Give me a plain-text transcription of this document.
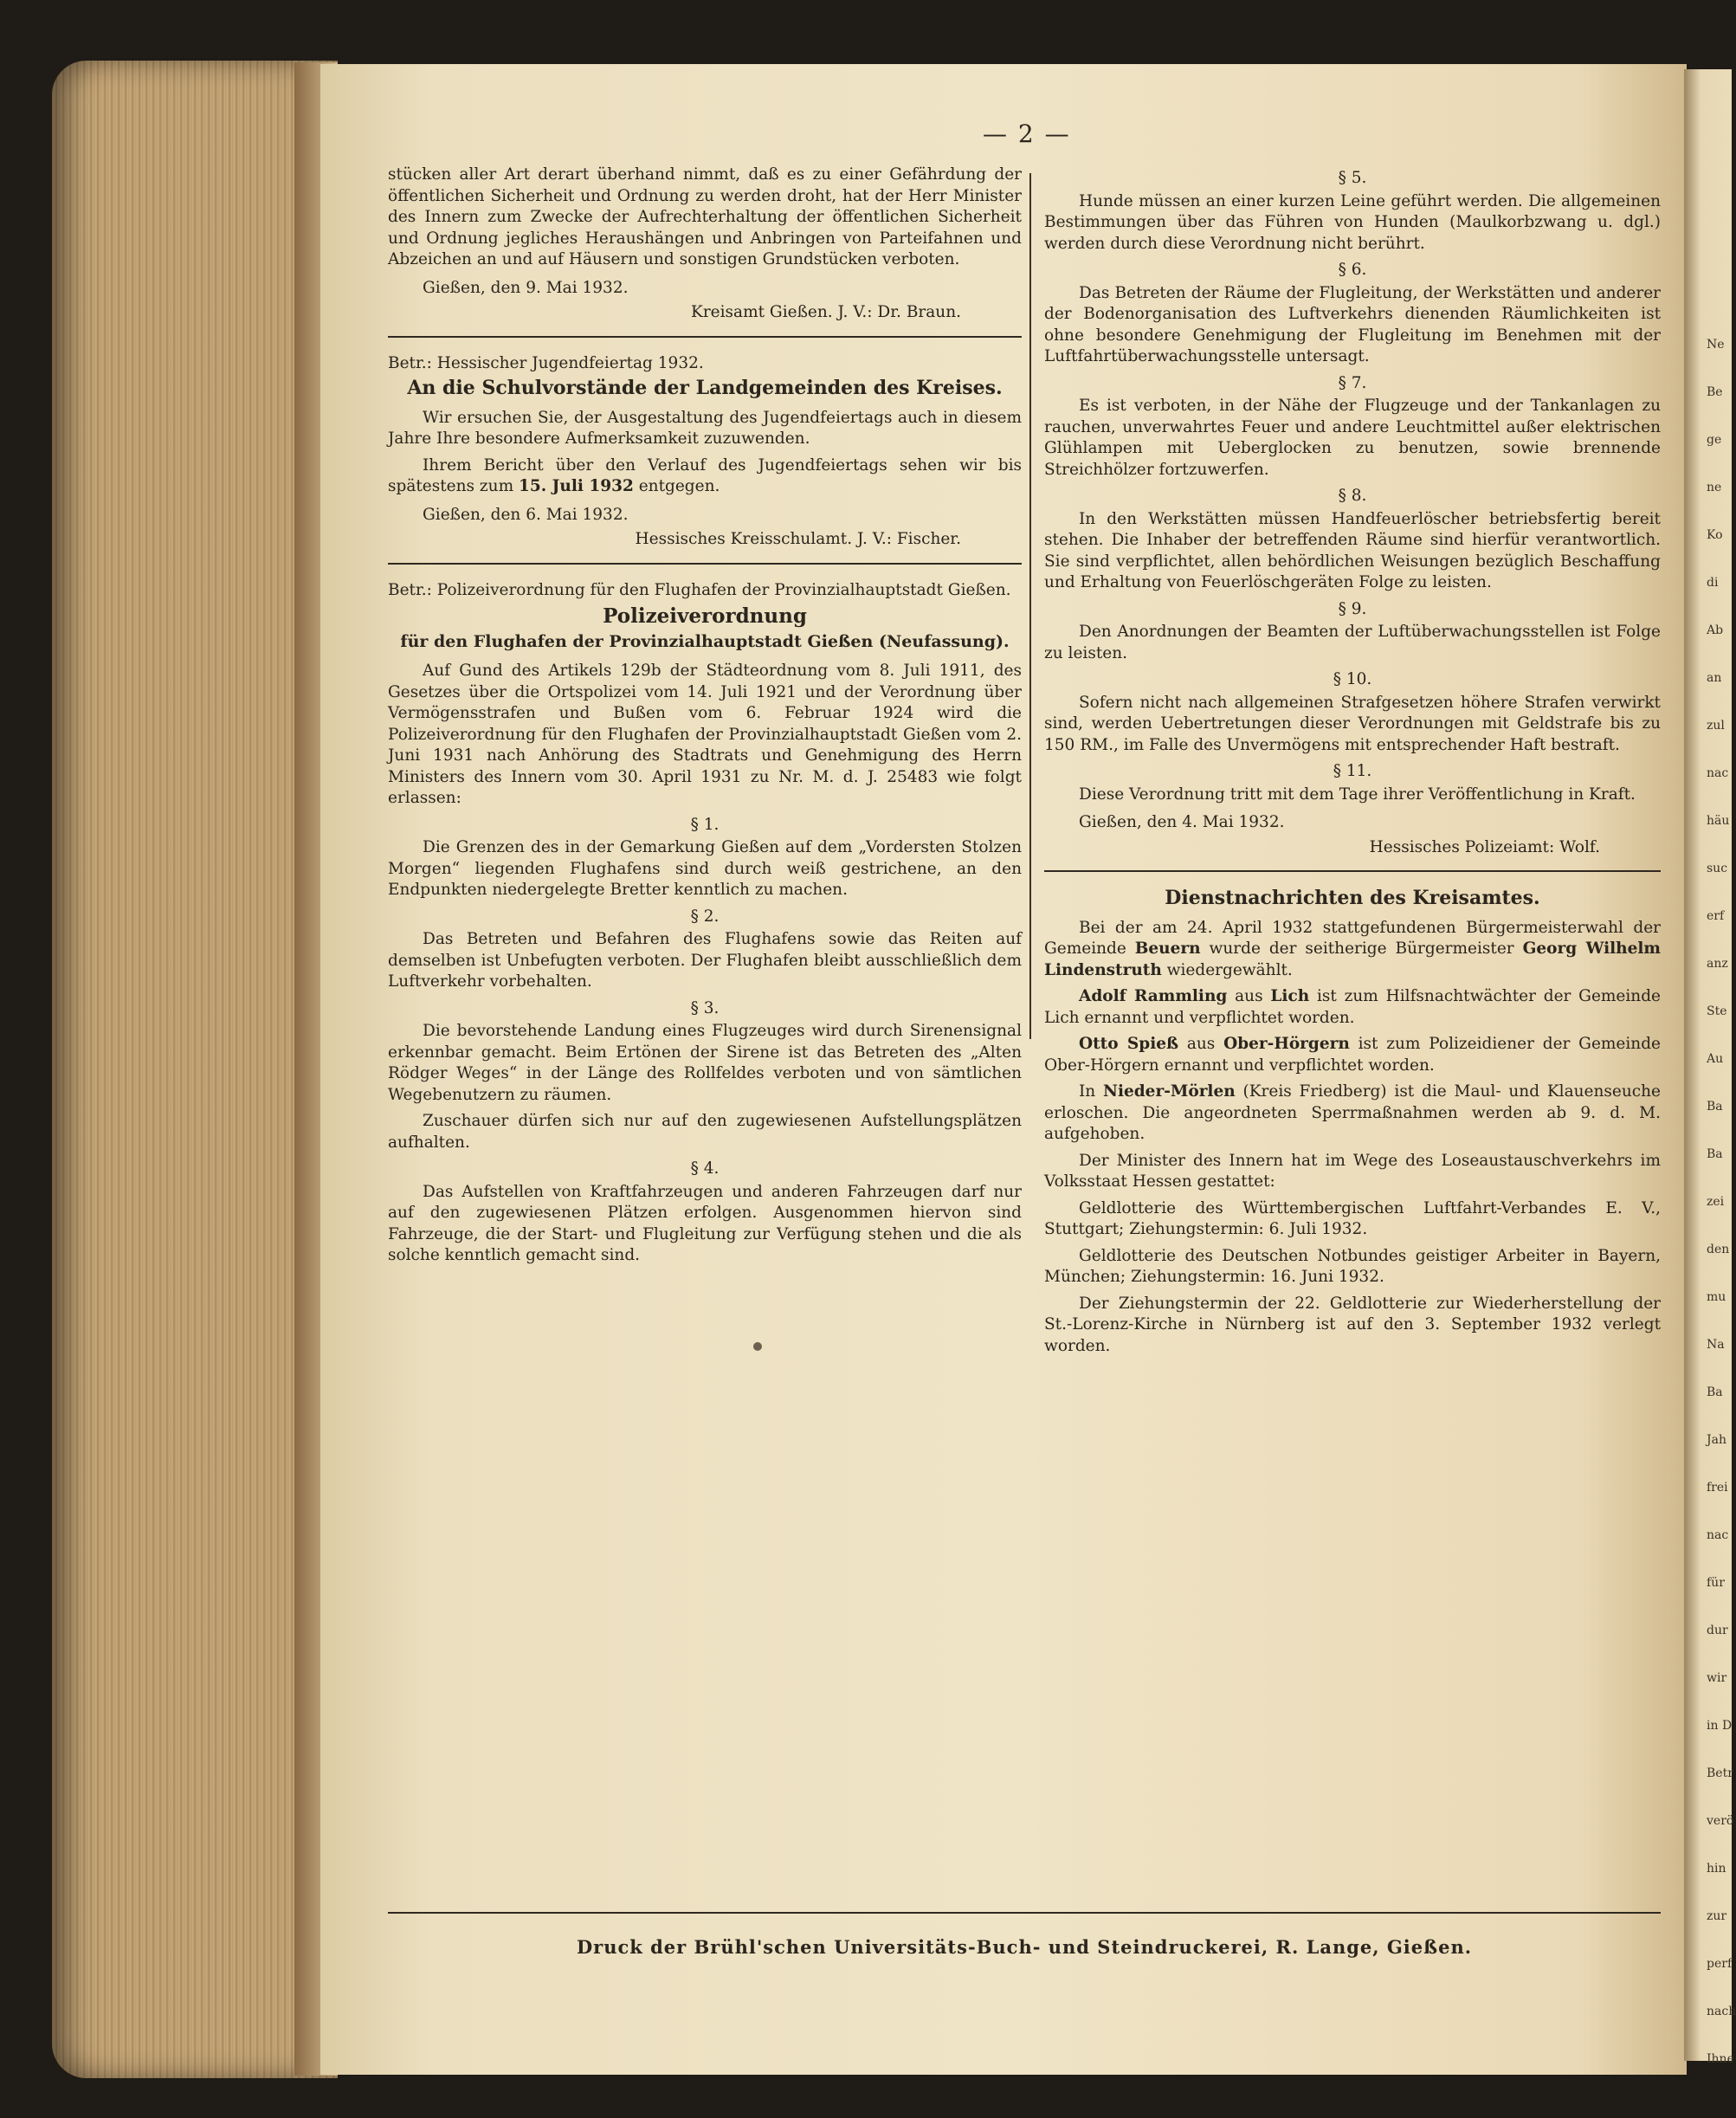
Ne
Be
ge
ne
Ko
di
Ab
an
zul
nac
häu
suc
erf
anz
Ste
Au
Ba
Ba
zei
den
mu
Na
Ba
Jah
frei
nac
für
dur
wir
in D
Betr
verö
hin
zur
perf
nach
Ihne
— 2 —
stücken aller Art derart überhand nimmt, daß es zu einer Gefährdung der öffentlichen Sicherheit und Ordnung zu werden droht, hat der Herr Minister des Innern zum Zwecke der Aufrechterhaltung der öffentlichen Sicherheit und Ordnung jegliches Heraushängen und Anbringen von Parteifahnen und Abzeichen an und auf Häusern und sonstigen Grundstücken verboten.
Gießen, den 9. Mai 1932.
Kreisamt Gießen. J. V.: Dr. Braun.
Betr.: Hessischer Jugendfeiertag 1932.
An die Schulvorstände der Landgemeinden des Kreises.
Wir ersuchen Sie, der Ausgestaltung des Jugendfeiertags auch in diesem Jahre Ihre besondere Aufmerksamkeit zuzuwenden.
Ihrem Bericht über den Verlauf des Jugendfeiertags sehen wir bis spätestens zum 15. Juli 1932 entgegen.
Gießen, den 6. Mai 1932.
Hessisches Kreisschulamt. J. V.: Fischer.
Betr.: Polizeiverordnung für den Flughafen der Provinzialhauptstadt Gießen.
Polizeiverordnung
für den Flughafen der Provinzialhauptstadt Gießen (Neufassung).
Auf Gund des Artikels 129b der Städteordnung vom 8. Juli 1911, des Gesetzes über die Ortspolizei vom 14. Juli 1921 und der Verordnung über Vermögensstrafen und Bußen vom 6. Februar 1924 wird die Polizeiverordnung für den Flughafen der Provinzialhauptstadt Gießen vom 2. Juni 1931 nach Anhörung des Stadtrats und Genehmigung des Herrn Ministers des Innern vom 30. April 1931 zu Nr. M. d. J. 25483 wie folgt erlassen:
§ 1.
Die Grenzen des in der Gemarkung Gießen auf dem „Vordersten Stolzen Morgen“ liegenden Flughafens sind durch weiß gestrichene, an den Endpunkten niedergelegte Bretter kenntlich zu machen.
§ 2.
Das Betreten und Befahren des Flughafens sowie das Reiten auf demselben ist Unbefugten verboten. Der Flughafen bleibt ausschließlich dem Luftverkehr vorbehalten.
§ 3.
Die bevorstehende Landung eines Flugzeuges wird durch Sirenensignal erkennbar gemacht. Beim Ertönen der Sirene ist das Betreten des „Alten Rödger Weges“ in der Länge des Rollfeldes verboten und von sämtlichen Wegebenutzern zu räumen.
Zuschauer dürfen sich nur auf den zugewiesenen Aufstellungsplätzen aufhalten.
§ 4.
Das Aufstellen von Kraftfahrzeugen und anderen Fahrzeugen darf nur auf den zugewiesenen Plätzen erfolgen. Ausgenommen hiervon sind Fahrzeuge, die der Start- und Flugleitung zur Verfügung stehen und die als solche kenntlich gemacht sind.
§ 5.
Hunde müssen an einer kurzen Leine geführt werden. Die allgemeinen Bestimmungen über das Führen von Hunden (Maulkorbzwang u. dgl.) werden durch diese Verordnung nicht berührt.
§ 6.
Das Betreten der Räume der Flugleitung, der Werkstätten und anderer der Bodenorganisation des Luftverkehrs dienenden Räumlichkeiten ist ohne besondere Genehmigung der Flugleitung im Benehmen mit der Luftfahrtüberwachungsstelle untersagt.
§ 7.
Es ist verboten, in der Nähe der Flugzeuge und der Tankanlagen zu rauchen, unverwahrtes Feuer und andere Leuchtmittel außer elektrischen Glühlampen mit Ueberglocken zu benutzen, sowie brennende Streichhölzer fortzuwerfen.
§ 8.
In den Werkstätten müssen Handfeuerlöscher betriebsfertig bereit stehen. Die Inhaber der betreffenden Räume sind hierfür verantwortlich. Sie sind verpflichtet, allen behördlichen Weisungen bezüglich Beschaffung und Erhaltung von Feuerlöschgeräten Folge zu leisten.
§ 9.
Den Anordnungen der Beamten der Luftüberwachungsstellen ist Folge zu leisten.
§ 10.
Sofern nicht nach allgemeinen Strafgesetzen höhere Strafen verwirkt sind, werden Uebertretungen dieser Verordnungen mit Geldstrafe bis zu 150 RM., im Falle des Unvermögens mit entsprechender Haft bestraft.
§ 11.
Diese Verordnung tritt mit dem Tage ihrer Veröffentlichung in Kraft.
Gießen, den 4. Mai 1932.
Hessisches Polizeiamt: Wolf.
Dienstnachrichten des Kreisamtes.
Bei der am 24. April 1932 stattgefundenen Bürgermeisterwahl der Gemeinde Beuern wurde der seitherige Bürgermeister Georg Wilhelm Lindenstruth wiedergewählt.
Adolf Rammling aus Lich ist zum Hilfsnachtwächter der Gemeinde Lich ernannt und verpflichtet worden.
Otto Spieß aus Ober-Hörgern ist zum Polizeidiener der Gemeinde Ober-Hörgern ernannt und verpflichtet worden.
In Nieder-Mörlen (Kreis Friedberg) ist die Maul- und Klauenseuche erloschen. Die angeordneten Sperrmaßnahmen werden ab 9. d. M. aufgehoben.
Der Minister des Innern hat im Wege des Loseaustauschverkehrs im Volksstaat Hessen gestattet:
Geldlotterie des Württembergischen Luftfahrt-Verbandes E. V., Stuttgart; Ziehungstermin: 6. Juli 1932.
Geldlotterie des Deutschen Notbundes geistiger Arbeiter in Bayern, München; Ziehungstermin: 16. Juni 1932.
Der Ziehungstermin der 22. Geldlotterie zur Wiederherstellung der St.-Lorenz-Kirche in Nürnberg ist auf den 3. September 1932 verlegt worden.
Druck der Brühl'schen Universitäts-Buch- und Steindruckerei, R. Lange, Gießen.
